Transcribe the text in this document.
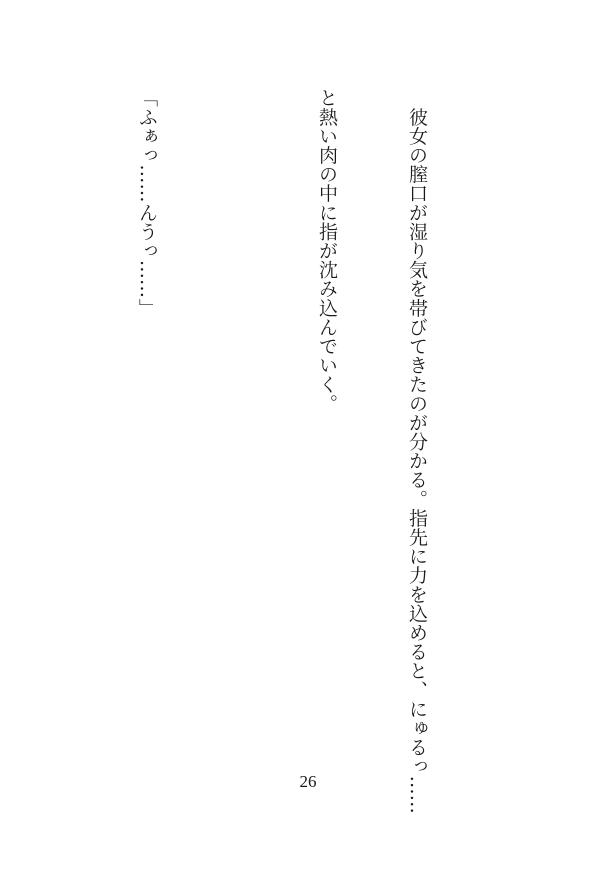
　彼女の膣口が湿り気を帯びてきたのが分かる。指先に力を込めると、にゅるっ……

と熱い肉の中に指が沈み込んでいく。

「ふぁっ……んうっ……」

26
